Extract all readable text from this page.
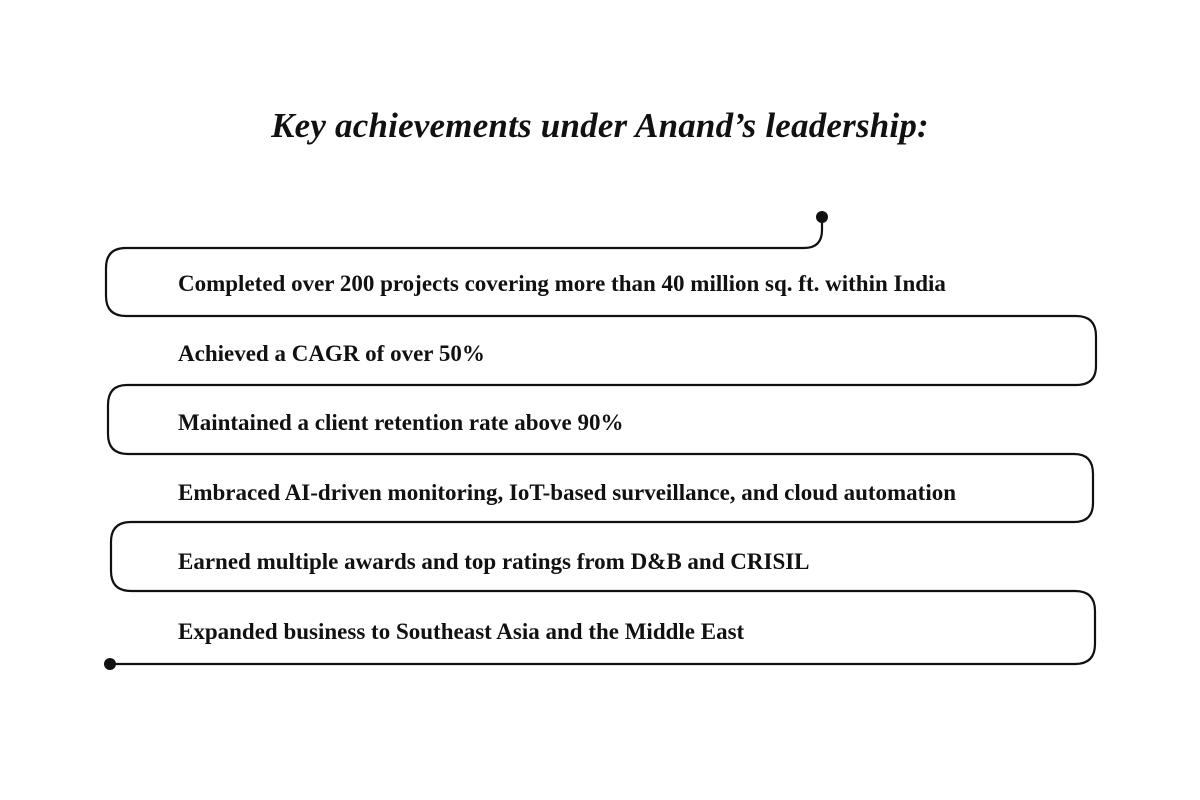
Key achievements under Anand’s leadership:
Completed over 200 projects covering more than 40 million sq. ft. within India
Achieved a CAGR of over 50%
Maintained a client retention rate above 90%
Embraced AI-driven monitoring, IoT-based surveillance, and cloud automation
Earned multiple awards and top ratings from D&B and CRISIL
Expanded business to Southeast Asia and the Middle East
